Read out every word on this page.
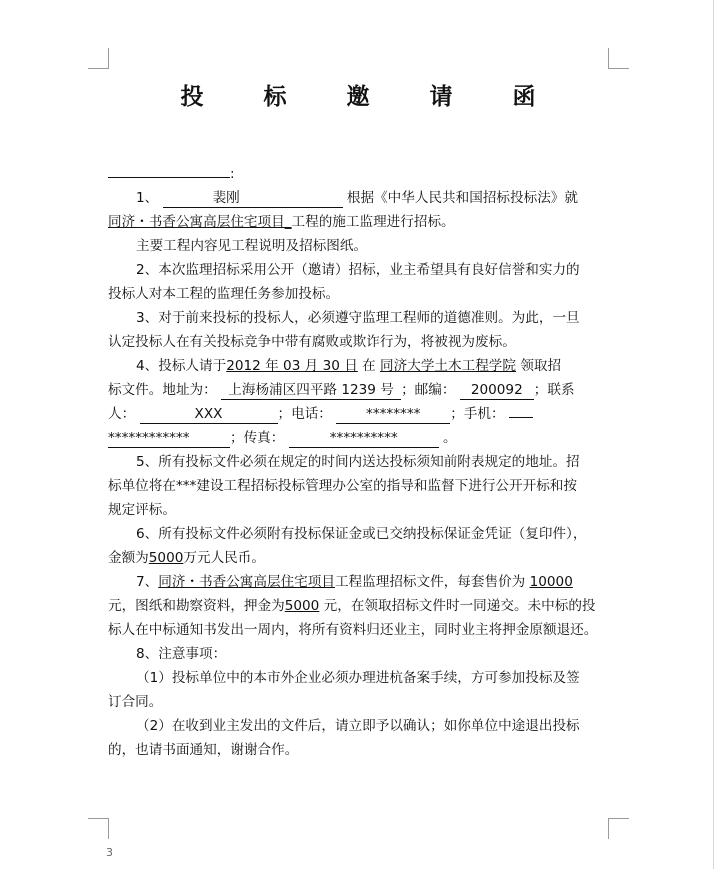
投 标 邀 请 函
:
1、	裴刚	根据《中华人民共和国招标投标法》就
同济・书香公寓高层住宅项目_工程的施工监理进行招标。
主要工程内容见工程说明及招标图纸。
2、本次监理招标采用公开（邀请）招标，业主希望具有良好信誉和实力的
投标人对本工程的监理任务参加投标。
3、对于前来投标的投标人，必须遵守监理工程师的道德准则。为此，一旦
认定投标人在有关投标竞争中带有腐败或欺诈行为，将被视为废标。
4、投标人请于2012 年 03 月 30 日 在 同济大学土木工程学院 领取招
标文件。地址为： 上海杨浦区四平路 1239 号 ；邮编： 200092 ；联系
人：	XXX	；电话：	******** ；手机：
************	；传真：	**********	。
5、所有投标文件必须在规定的时间内送达投标须知前附表规定的地址。招
标单位将在***建设工程招标投标管理办公室的指导和监督下进行公开开标和按
规定评标。
6、所有投标文件必须附有投标保证金或已交纳投标保证金凭证（复印件），
金额为5000万元人民币。
7、同济・书香公寓高层住宅项目工程监理招标文件，每套售价为 10000
元，图纸和勘察资料，押金为5000 元，在领取招标文件时一同递交。未中标的投
标人在中标通知书发出一周内，将所有资料归还业主，同时业主将押金原额退还。
8、注意事项：
（1）投标单位中的本市外企业必须办理进杭备案手续，方可参加投标及签
订合同。
（2）在收到业主发出的文件后，请立即予以确认；如你单位中途退出投标
的，也请书面通知，谢谢合作。
3
